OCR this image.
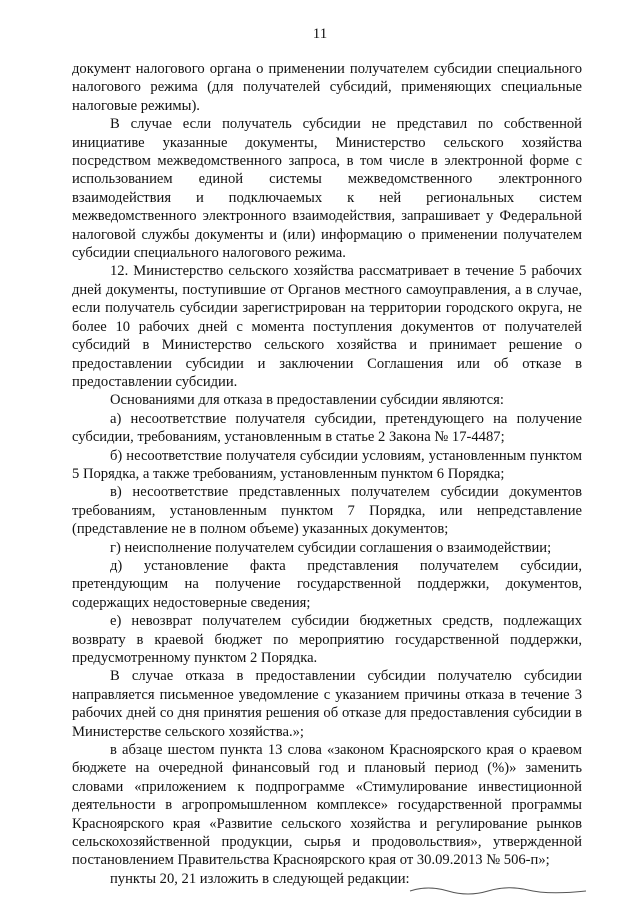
11

документ налогового органа о применении получателем субсидии специального налогового режима (для получателей субсидий, применяющих специальные налоговые режимы).

В случае если получатель субсидии не представил по собственной инициативе указанные документы, Министерство сельского хозяйства посредством межведомственного запроса, в том числе в электронной форме с использованием единой системы межведомственного электронного взаимодействия и подключаемых к ней региональных систем межведомственного электронного взаимодействия, запрашивает у Федеральной налоговой службы документы и (или) информацию о применении получателем субсидии специального налогового режима.

12. Министерство сельского хозяйства рассматривает в течение 5 рабочих дней документы, поступившие от Органов местного самоуправления, а в случае, если получатель субсидии зарегистрирован на территории городского округа, не более 10 рабочих дней с момента поступления документов от получателей субсидий в Министерство сельского хозяйства и принимает решение о предоставлении субсидии и заключении Соглашения или об отказе в предоставлении субсидии.

Основаниями для отказа в предоставлении субсидии являются:

а) несоответствие получателя субсидии, претендующего на получение субсидии, требованиям, установленным в статье 2 Закона № 17-4487;

б) несоответствие получателя субсидии условиям, установленным пунктом 5 Порядка, а также требованиям, установленным пунктом 6 Порядка;

в) несоответствие представленных получателем субсидии документов требованиям, установленным пунктом 7 Порядка, или непредставление (представление не в полном объеме) указанных документов;

г) неисполнение получателем субсидии соглашения о взаимодействии;

д) установление факта представления получателем субсидии, претендующим на получение государственной поддержки, документов, содержащих недостоверные сведения;

е) невозврат получателем субсидии бюджетных средств, подлежащих возврату в краевой бюджет по мероприятию государственной поддержки, предусмотренному пунктом 2 Порядка.

В случае отказа в предоставлении субсидии получателю субсидии направляется письменное уведомление с указанием причины отказа в течение 3 рабочих дней со дня принятия решения об отказе для предоставления субсидии в Министерстве сельского хозяйства.»;

в абзаце шестом пункта 13 слова «законом Красноярского края о краевом бюджете на очередной финансовый год и плановый период (%)» заменить словами «приложением к подпрограмме «Стимулирование инвестиционной деятельности в агропромышленном комплексе» государственной программы Красноярского края «Развитие сельского хозяйства и регулирование рынков сельскохозяйственной продукции, сырья и продовольствия», утвержденной постановлением Правительства Красноярского края от 30.09.2013 № 506-п»;

пункты 20, 21 изложить в следующей редакции:
